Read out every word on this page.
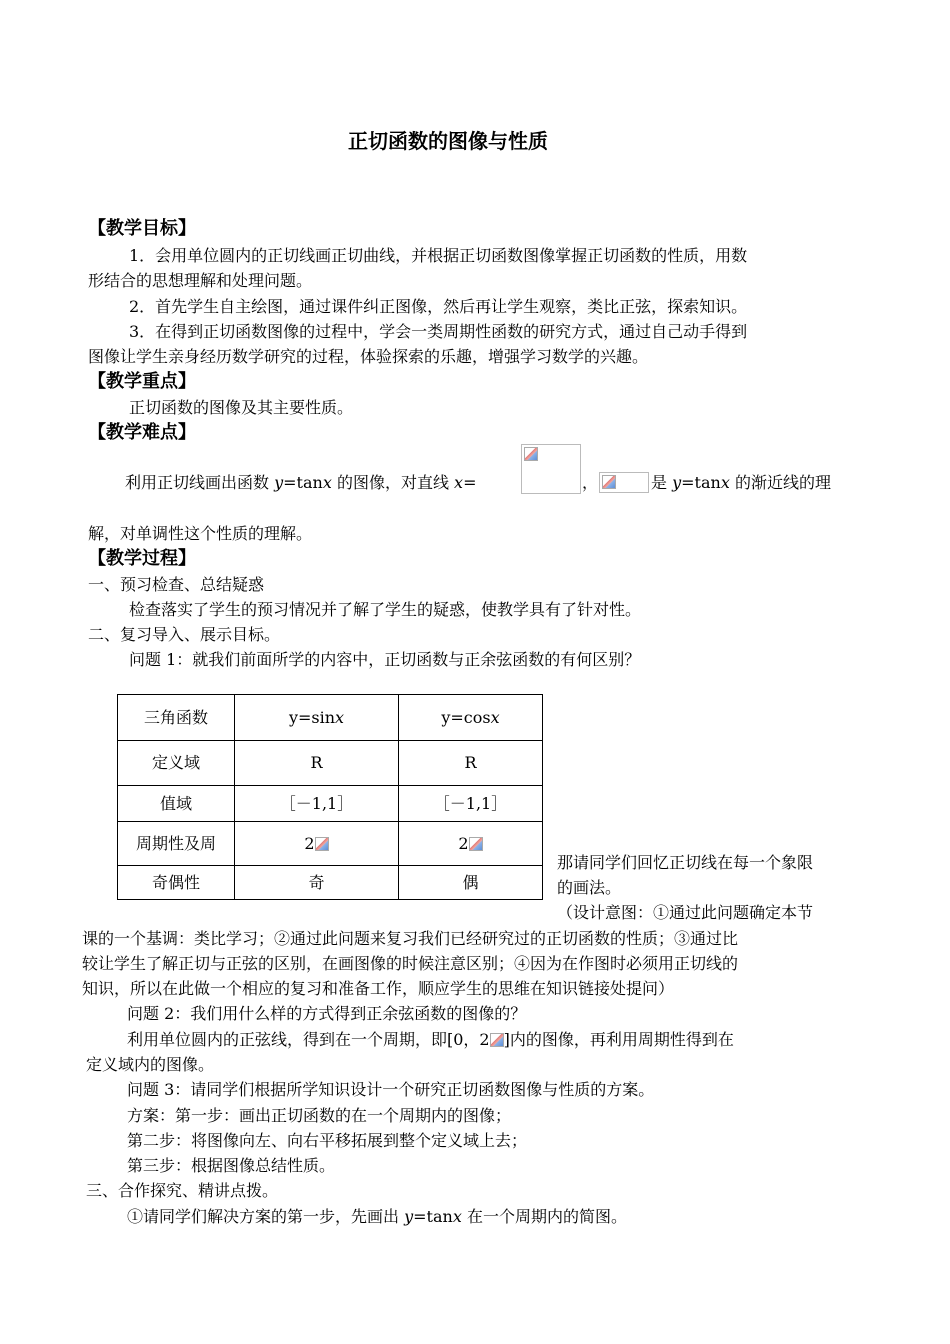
正切函数的图像与性质
【教学目标】
1．会用单位圆内的正切线画正切曲线，并根据正切函数图像掌握正切函数的性质，用数
形结合的思想理解和处理问题。
2．首先学生自主绘图，通过课件纠正图像，然后再让学生观察，类比正弦，探索知识。
3．在得到正切函数图像的过程中，学会一类周期性函数的研究方式，通过自己动手得到
图像让学生亲身经历数学研究的过程，体验探索的乐趣，增强学习数学的兴趣。
【教学重点】
正切函数的图像及其主要性质。
【教学难点】
利用正切线画出函数 y=tanx 的图像，对直线 x=	，	是 y=tanx 的渐近线的理
解，对单调性这个性质的理解。
【教学过程】
一、预习检查、总结疑惑
检查落实了学生的预习情况并了解了学生的疑惑，使教学具有了针对性。
二、复习导入、展示目标。
问题 1：就我们前面所学的内容中，正切函数与正余弦函数的有何区别？
三角函数	y=sinx	y=cosx
定义域	R	R
值域	［－1,1］	［－1,1］
周期性及周	2	2
奇偶性	奇	偶
那请同学们回忆正切线在每一个象限
的画法。
（设计意图：①通过此问题确定本节
课的一个基调：类比学习；②通过此问题来复习我们已经研究过的正切函数的性质；③通过比
较让学生了解正切与正弦的区别，在画图像的时候注意区别；④因为在作图时必须用正切线的
知识，所以在此做一个相应的复习和准备工作，顺应学生的思维在知识链接处提问）
问题 2：我们用什么样的方式得到正余弦函数的图像的？
利用单位圆内的正弦线，得到在一个周期，即[0，2 ]内的图像，再利用周期性得到在
定义域内的图像。
问题 3：请同学们根据所学知识设计一个研究正切函数图像与性质的方案。
方案：第一步：画出正切函数的在一个周期内的图像；
第二步：将图像向左、向右平移拓展到整个定义域上去；
第三步：根据图像总结性质。
三、合作探究、精讲点拨。
①请同学们解决方案的第一步，先画出 y=tanx 在一个周期内的简图。
